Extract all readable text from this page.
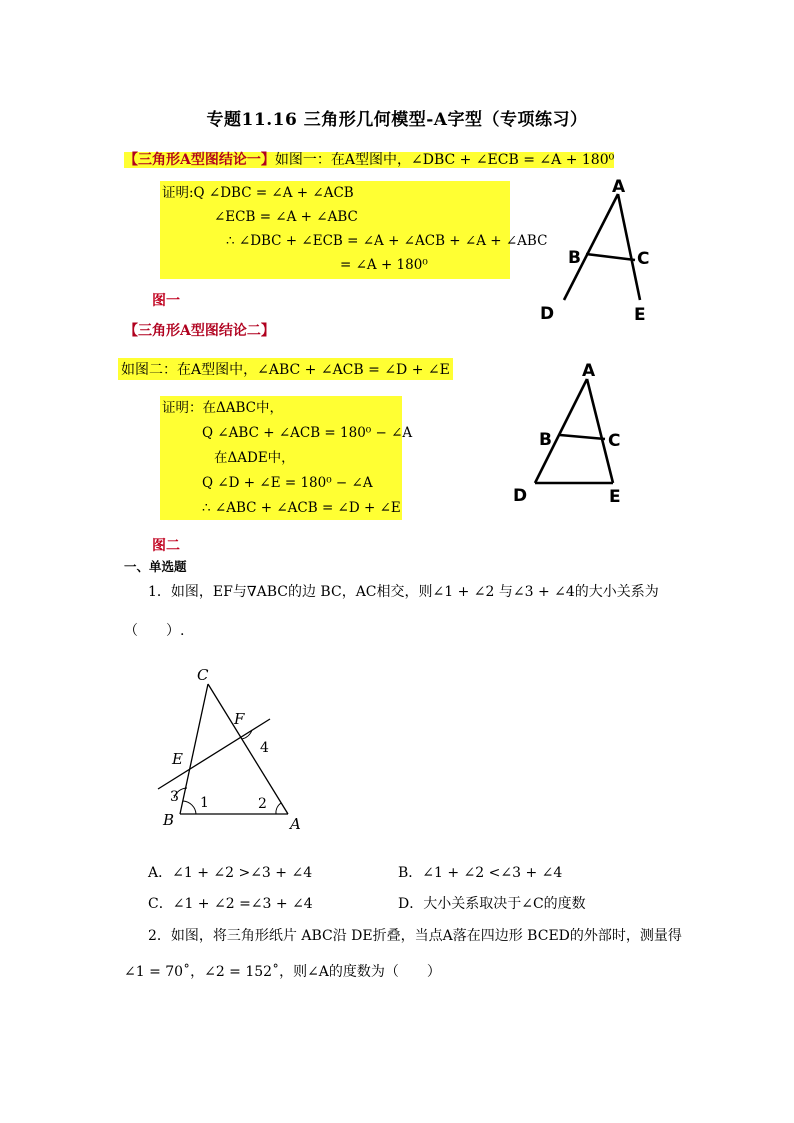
专题11.16 三角形几何模型-A字型（专项练习）
【三角形A型图结论一】如图一：在A型图中，∠DBC + ∠ECB = ∠A + 180⁰
证明:Q ∠DBC = ∠A + ∠ACB
∠ECB = ∠A + ∠ABC
∴ ∠DBC + ∠ECB = ∠A + ∠ACB + ∠A + ∠ABC
= ∠A + 180⁰
图一
A
B	C
D	E
【三角形A型图结论二】
如图二：在A型图中，∠ABC + ∠ACB = ∠D + ∠E
证明：在ΔABC中，
Q ∠ABC + ∠ACB = 180⁰ − ∠A
在ΔADE中，
Q ∠D + ∠E = 180⁰ − ∠A
∴ ∠ABC + ∠ACB = ∠D + ∠E
图二
A
B	C
D	E
一、单选题
1．如图，EF与∇ABC的边 BC，AC相交，则∠1 + ∠2 与∠3 + ∠4的大小关系为
（　　）.
C
F
E
B	A
1	2
3
4
A．∠1 + ∠2 >∠3 + ∠4	B．∠1 + ∠2 <∠3 + ∠4
C．∠1 + ∠2 =∠3 + ∠4	D．大小关系取决于∠C的度数
2．如图，将三角形纸片 ABC沿 DE折叠，当点A落在四边形 BCED的外部时，测量得
∠1 = 70˚，∠2 = 152˚，则∠A的度数为（　　）
